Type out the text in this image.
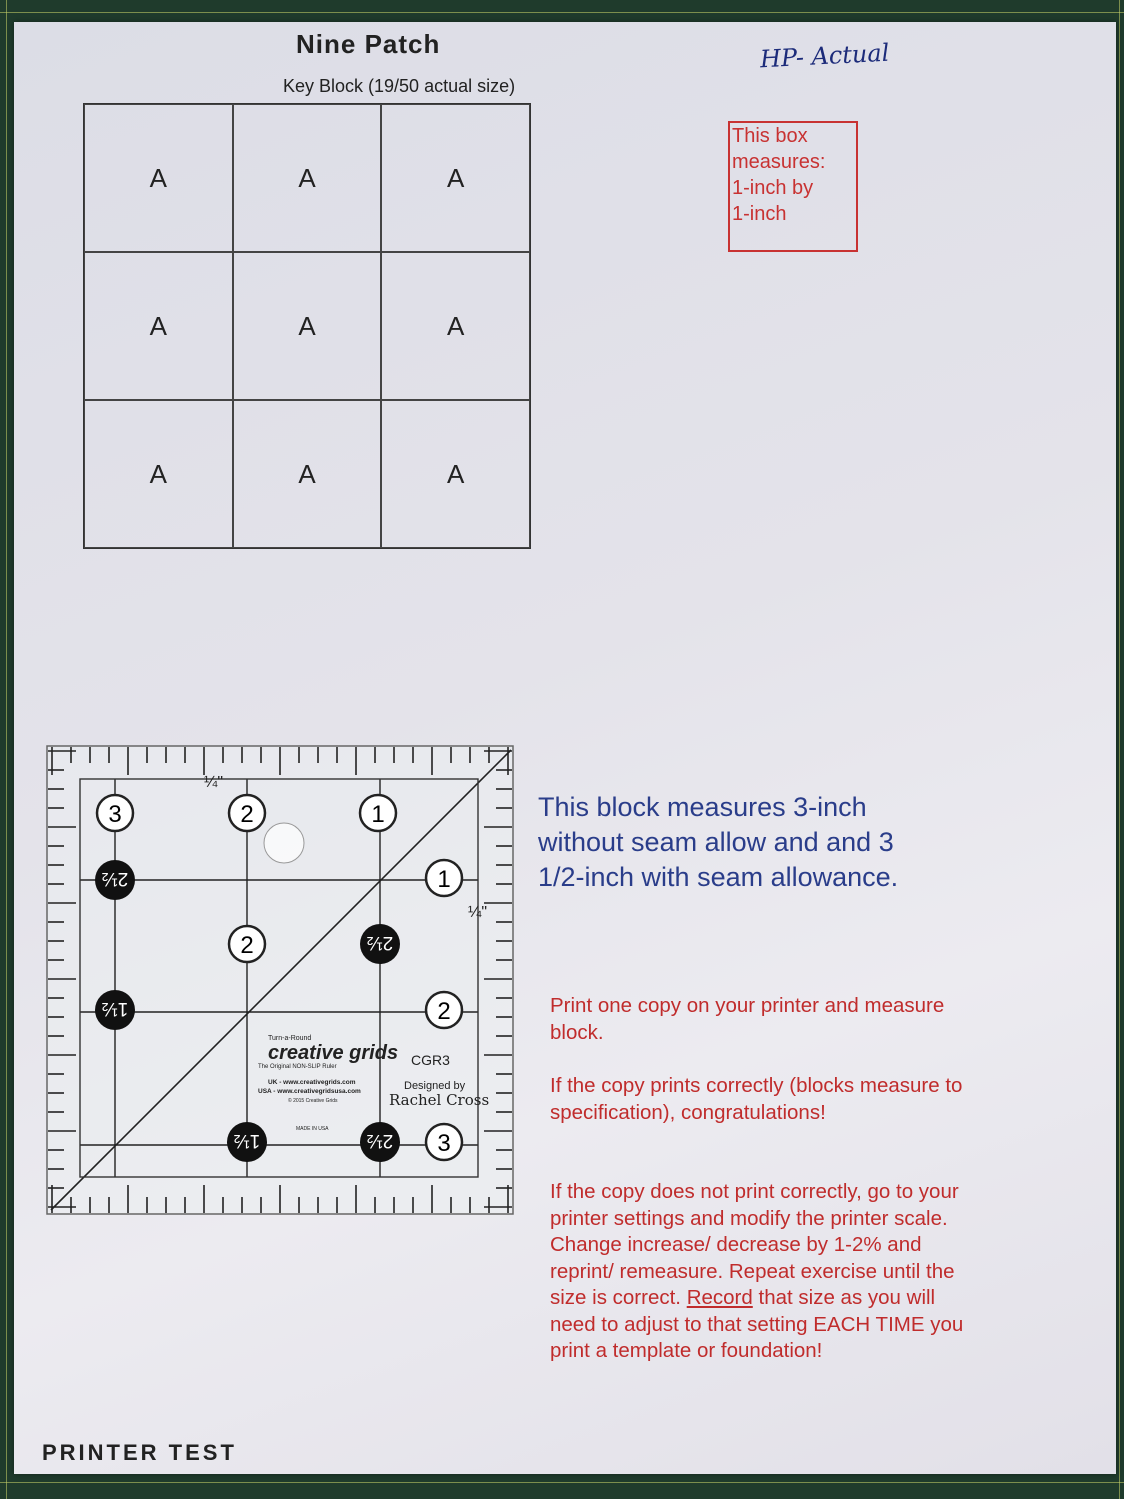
Nine Patch
Key Block (19/50 actual size)
HP- Actual
A	A	A
A	A	A
A	A	A
This box
measures:
1-inch by
1-inch
3	2	1
1
2
2
3
2½
2½
1½
1½	2½
¼"
¼"
Turn-a-Round
creative grids
The Original NON-SLIP Ruler
UK - www.creativegrids.com
USA - www.creativegridsusa.com
© 2015 Creative Grids
MADE IN USA
CGR3
Designed by
Rachel Cross
This block measures 3-inch without seam allow and and 3 1/2-inch with seam allowance.
Print one copy on your printer and measure block.
If the copy prints correctly (blocks measure to specification), congratulations!
If the copy does not print correctly, go to your printer settings and modify the printer scale. Change increase/ decrease by 1-2% and reprint/ remeasure. Repeat exercise until the size is correct. Record that size as you will need to adjust to that setting EACH TIME you print a template or foundation!
